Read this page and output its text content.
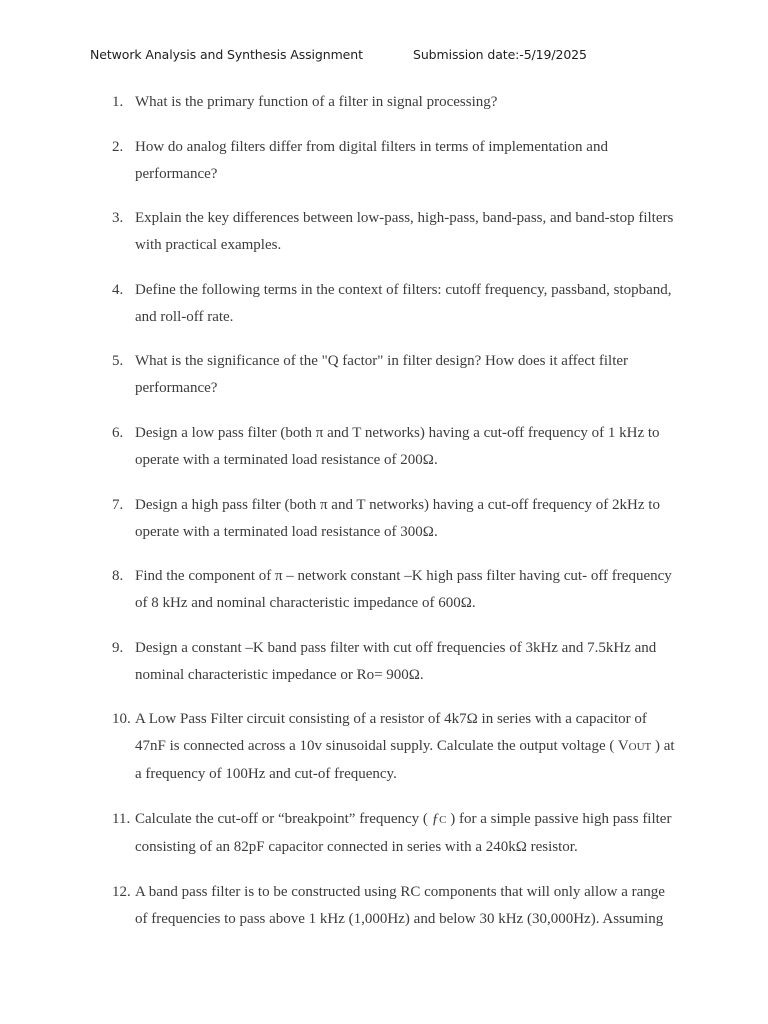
Network Analysis and Synthesis Assignment	Submission date:-5/19/2025
1. What is the primary function of a filter in signal processing?
2. How do analog filters differ from digital filters in terms of implementation and performance?
3. Explain the key differences between low-pass, high-pass, band-pass, and band-stop filters with practical examples.
4. Define the following terms in the context of filters: cutoff frequency, passband, stopband, and roll-off rate.
5. What is the significance of the "Q factor" in filter design? How does it affect filter performance?
6. Design a low pass filter (both π and T networks) having a cut-off frequency of 1 kHz to operate with a terminated load resistance of 200Ω.
7. Design a high pass filter (both π and T networks) having a cut-off frequency of 2kHz to operate with a terminated load resistance of 300Ω.
8. Find the component of π – network constant –K high pass filter having cut- off frequency of 8 kHz and nominal characteristic impedance of 600Ω.
9. Design a constant –K band pass filter with cut off frequencies of 3kHz and 7.5kHz and nominal characteristic impedance or Ro= 900Ω.
10. A Low Pass Filter circuit consisting of a resistor of 4k7Ω in series with a capacitor of 47nF is connected across a 10v sinusoidal supply. Calculate the output voltage ( VOUT ) at a frequency of 100Hz and cut-of frequency.
11. Calculate the cut-off or “breakpoint” frequency ( ƒC ) for a simple passive high pass filter consisting of an 82pF capacitor connected in series with a 240kΩ resistor.
12. A band pass filter is to be constructed using RC components that will only allow a range of frequencies to pass above 1 kHz (1,000Hz) and below 30 kHz (30,000Hz). Assuming
